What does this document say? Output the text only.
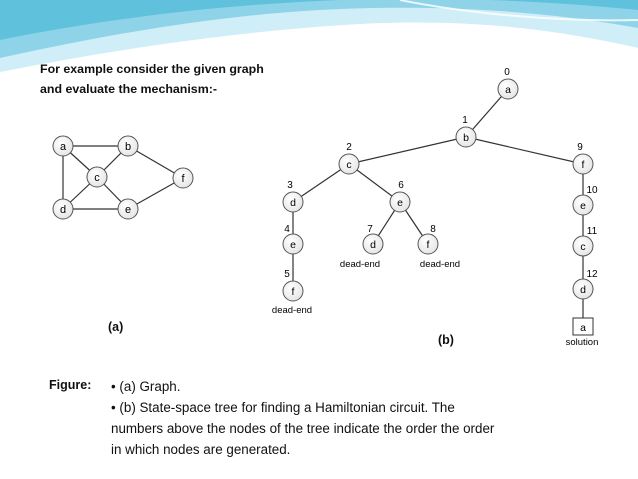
For example consider the given graph
and evaluate the mechanism:-
a	b
c
d	e
f
a
0
b
1
c
2
d
3
e
4
f
5
e
6
d
7
f
8
f
9
e
10
c
11
d
12
a
dead-end
dead-end	dead-end
solution
(a)
(b)
Figure: • (a) Graph.
• (b) State-space tree for finding a Hamiltonian circuit. The
numbers above the nodes of the tree indicate the order the order
in which nodes are generated.
